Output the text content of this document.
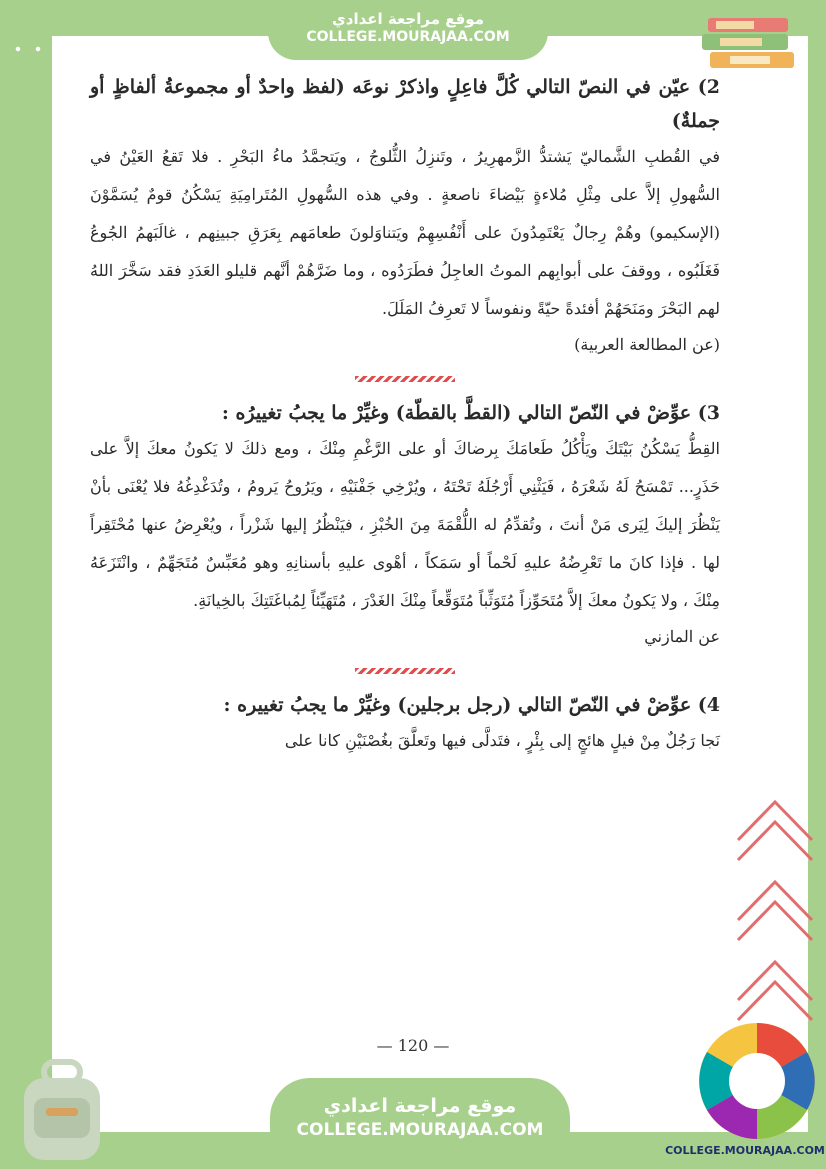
موقع مراجعة اعدادي
COLLEGE.MOURAJAA.COM

2) عيّن في النصّ التالي كُلَّ فاعِلٍ واذكرْ نوعَه (لفظ واحدٌ أو مجموعةُ ألفاظٍ أو جملةٌ)

في القُطبِ الشَّماليّ يَشتدُّ الزَّمهرِيرُ ، وتَنزِلُ الثُّلوجُ ، ويَتجمَّدُ ماءُ البَحْرِ . فلا تَقعُ العَيْنُ في السُّهولِ إلاَّ على مِثْلِ مُلاءةٍ بَيْضاءَ ناصعةٍ . وفي هذه السُّهولِ المُتَرامِيَةِ يَسْكُنُ قومٌ يُسَمَّوْنَ (الإسكيمو) وهُمْ رِجالٌ يَعْتَمِدُونَ على أَنْفُسِهِمْ ويَتناوَلونَ طعامَهم بِعَرَقِ جبينِهم ، غالَبَهمُ الجُوعُ فَغَلَبُوه ، ووقفَ على أبوابِهم الموتُ العاجِلُ فطَرَدُوه ، وما ضَرَّهُمْ أنَّهم قليلو العَدَدِ فقد سَخَّرَ اللهُ لهم البَحْرَ ومَنَحَهُمْ أفئدةً حيّةً ونفوساً لا تَعرِفُ المَلَلَ.

(عن المطالعة العربية)

3) عوِّضْ في النّصّ التالي (القطَّ بالقطّة) وغيِّرْ ما يجبُ تغييرُه :

القِطُّ يَسْكُنُ بَيْتَكَ ويَأْكُلُ طَعامَكَ بِرضاكَ أو على الرَّغْمِ مِنْكَ ، ومع ذلكَ لا يَكونُ معكَ إلاَّ على حَذَرٍ... تَمْسَحُ لَهُ شَعْرَهُ ، فَيَثْنِي أَرْجُلَهُ تَحْتَهُ ، ويُرْخِي جَفْنَيْهِ ، ويَرُوحُ يَرومُ ، وتُدَغْدِغُهُ فلا يُعْنَى بأنْ يَنْظُرَ إليكَ لِيَرى مَنْ أنتَ ، وتُقدِّمُ له اللُّقْمَةَ مِنَ الخُبْزِ ، فيَنْظُرُ إليها شَزْراً ، ويُعْرِضُ عنها مُحْتَقِراً لها . فإذا كانَ ما تَعْرِضُهُ عليهِ لَحْماً أو سَمَكاً ، أهْوى عليهِ بأسنانِهِ وهو مُعَبِّسٌ مُتَجَهِّمٌ ، وانْتَزَعَهُ مِنْكَ ، ولا يَكونُ معكَ إلاَّ مُتَحَوِّزاً مُتَوَثِّباً مُتَوَقِّعاً مِنْكَ الغَدْرَ ، مُتَهَيِّئاً لِمُباغَتَتِكَ بالخِيانَةِ.

عن المازني

4) عوِّضْ في النّصّ التالي (رجل برجلين) وغيِّرْ ما يجبُ تغييره :

نَجا رَجُلٌ مِنْ فيلٍ هائجٍ إلى بِئْرٍ ، فتَدلَّى فيها وتَعلَّقَ بغُصْنَيْنِ كانا على

— 120 —
COLLEGE.MOURAJAA.COM
موقع مراجعة اعدادي
COLLEGE.MOURAJAA.COM
